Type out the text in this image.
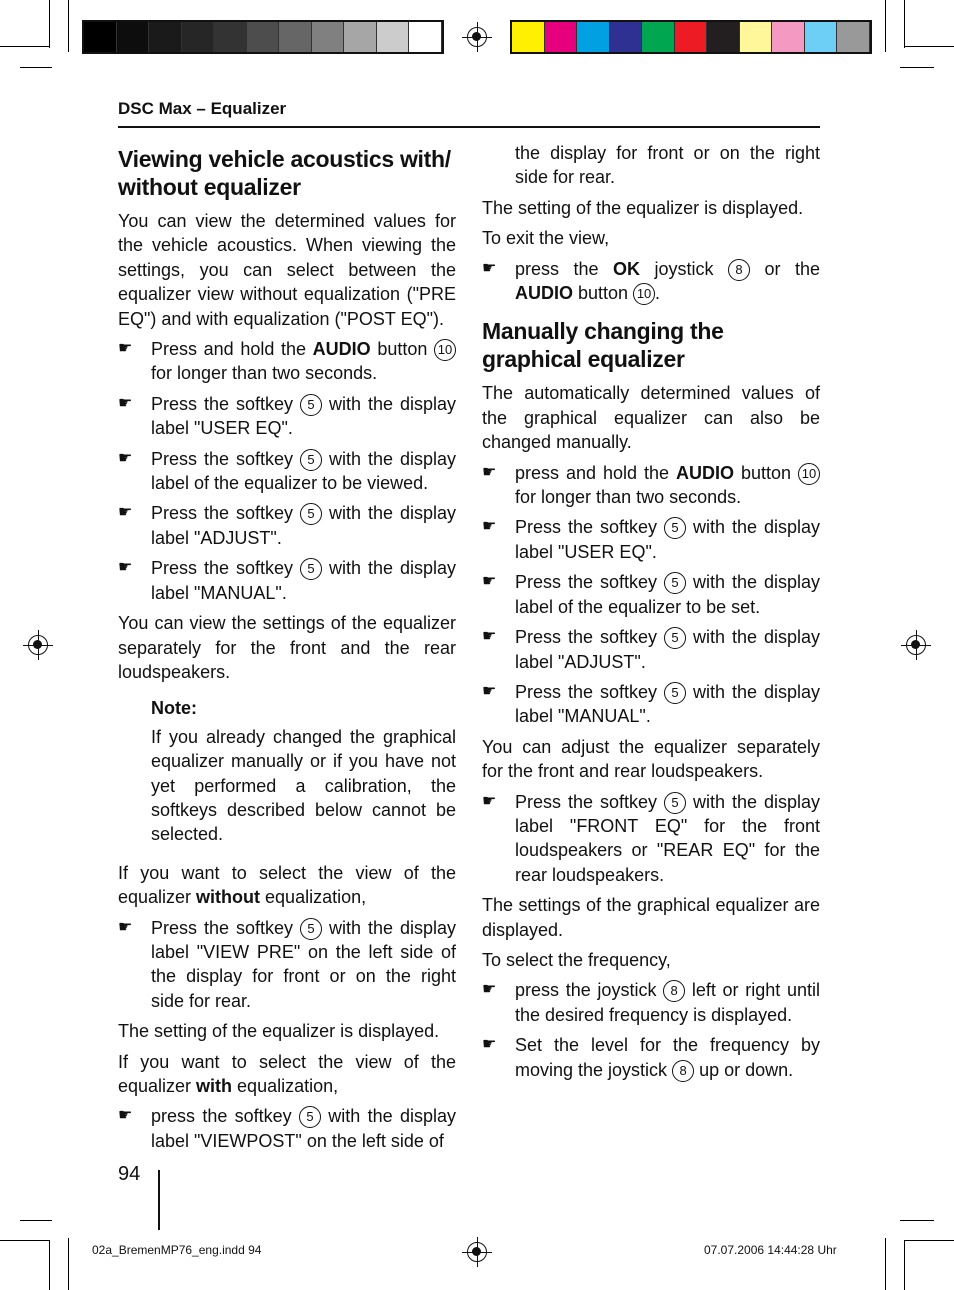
DSC Max – Equalizer
Viewing vehicle acoustics with/ without equalizer

You can view the determined values for the vehicle acoustics. When viewing the settings, you can select between the equalizer view without equalization ("PRE EQ") and with equalization ("POST EQ").

☛	Press and hold the AUDIO button 10 for longer than two seconds.
☛	Press the softkey 5 with the display label "USER EQ".
☛	Press the softkey 5 with the display label of the equalizer to be viewed.
☛	Press the softkey 5 with the display label "ADJUST".
☛	Press the softkey 5 with the display label "MANUAL".

You can view the settings of the equalizer separately for the front and the rear loudspeakers.

Note:
If you already changed the graphical equalizer manually or if you have not yet performed a calibration, the softkeys described below cannot be selected.

If you want to select the view of the equalizer without equalization,

☛	Press the softkey 5 with the display label "VIEW PRE" on the left side of the display for front or on the right side for rear.

The setting of the equalizer is displayed.

If you want to select the view of the equalizer with equalization,

☛	press the softkey 5 with the display label "VIEWPOST" on the left side of
the display for front or on the right side for rear.

The setting of the equalizer is displayed.

To exit the view,

☛	press the OK joystick 8 or the AUDIO button 10 .
Manually changing the graphical equalizer

The automatically determined values of the graphical equalizer can also be changed manually.

☛	press and hold the AUDIO button 10 for longer than two seconds.
☛	Press the softkey 5 with the display label "USER EQ".
☛	Press the softkey 5 with the display label of the equalizer to be set.
☛	Press the softkey 5 with the display label "ADJUST".
☛	Press the softkey 5 with the display label "MANUAL".

You can adjust the equalizer separately for the front and rear loudspeakers.

☛	Press the softkey 5 with the display label "FRONT EQ" for the front loudspeakers or "REAR EQ" for the rear loudspeakers.

The settings of the graphical equalizer are displayed.

To select the frequency,

☛	press the joystick 8 left or right until the desired frequency is displayed.
☛	Set the level for the frequency by moving the joystick 8 up or down.
94
02a_BremenMP76_eng.indd 94	07.07.2006 14:44:28 Uhr
